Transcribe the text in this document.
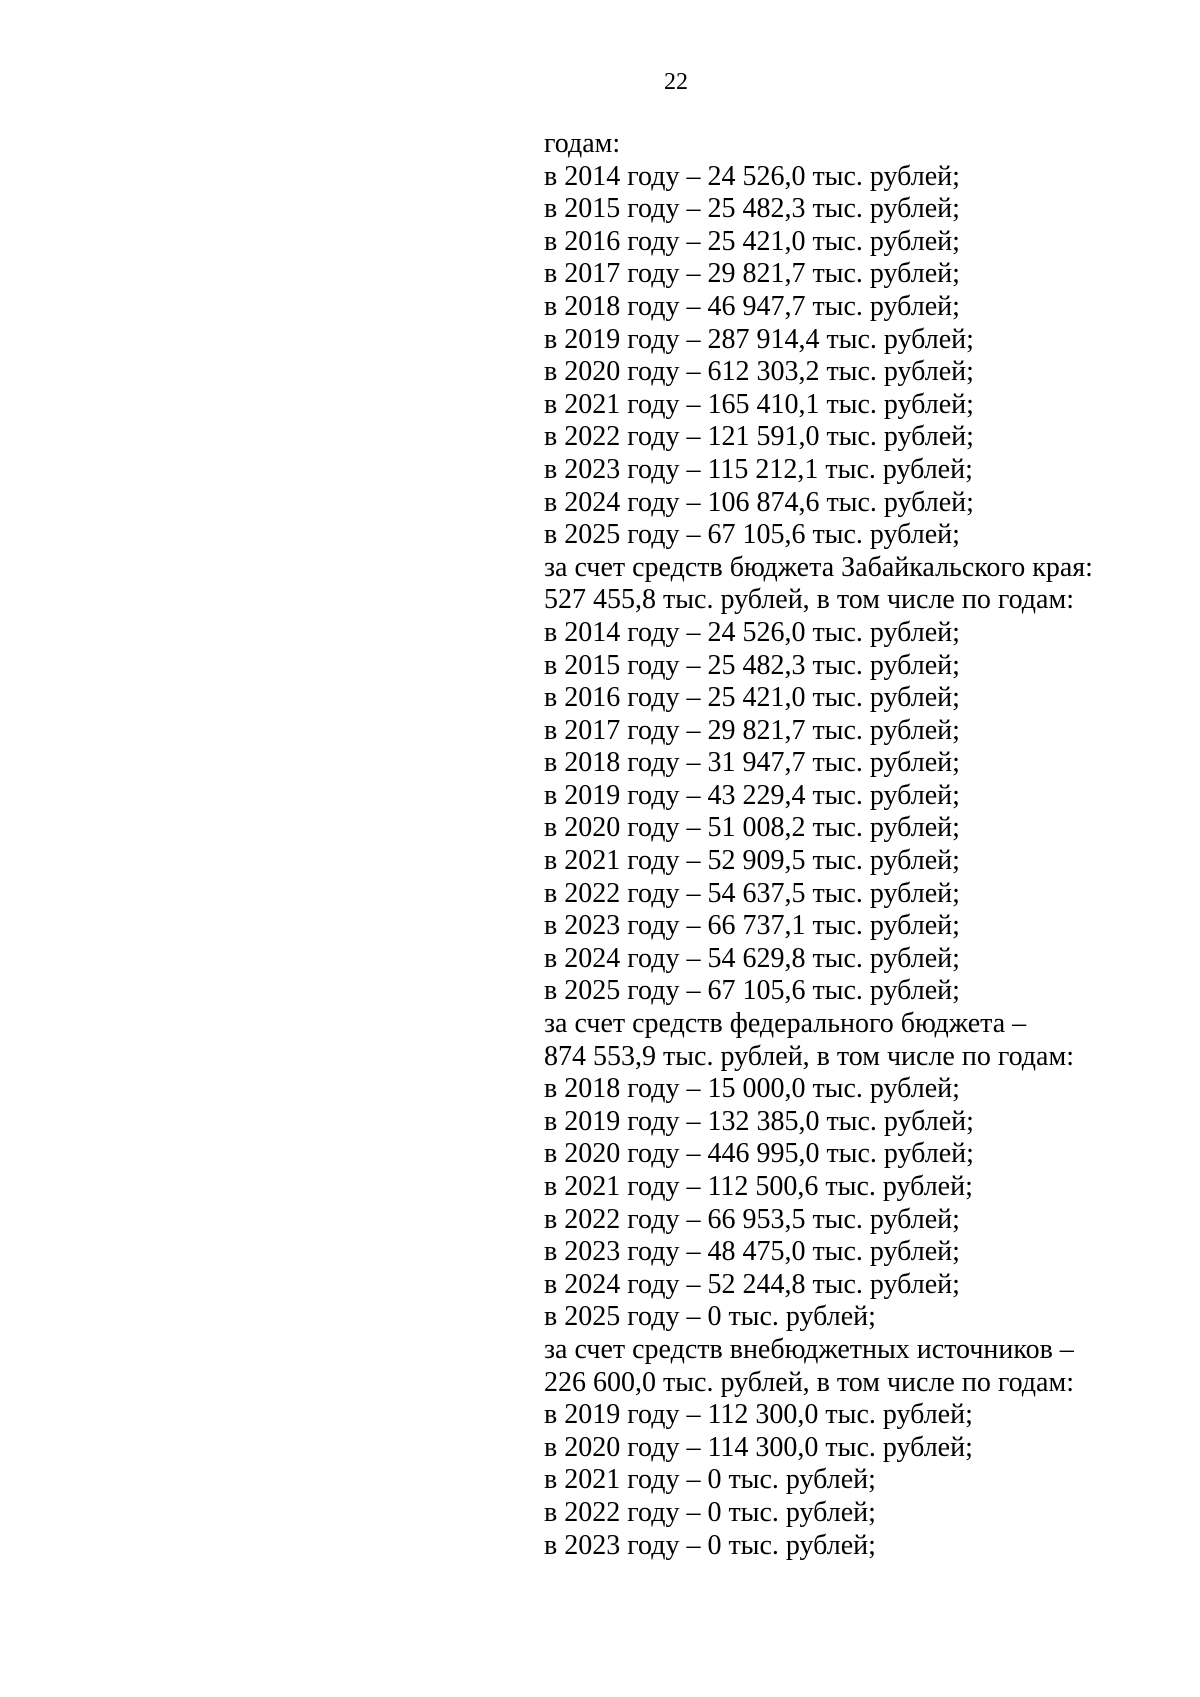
22
годам:
в 2014 году – 24 526,0 тыс. рублей;
в 2015 году – 25 482,3 тыс. рублей;
в 2016 году – 25 421,0 тыс. рублей;
в 2017 году – 29 821,7 тыс. рублей;
в 2018 году – 46 947,7 тыс. рублей;
в 2019 году – 287 914,4 тыс. рублей;
в 2020 году – 612 303,2 тыс. рублей;
в 2021 году – 165 410,1 тыс. рублей;
в 2022 году – 121 591,0 тыс. рублей;
в 2023 году – 115 212,1 тыс. рублей;
в 2024 году – 106 874,6 тыс. рублей;
в 2025 году – 67 105,6 тыс. рублей;
за счет средств бюджета Забайкальского края:
527 455,8 тыс. рублей, в том числе по годам:
в 2014 году – 24 526,0 тыс. рублей;
в 2015 году – 25 482,3 тыс. рублей;
в 2016 году – 25 421,0 тыс. рублей;
в 2017 году – 29 821,7 тыс. рублей;
в 2018 году – 31 947,7 тыс. рублей;
в 2019 году – 43 229,4 тыс. рублей;
в 2020 году – 51 008,2 тыс. рублей;
в 2021 году – 52 909,5 тыс. рублей;
в 2022 году – 54 637,5 тыс. рублей;
в 2023 году – 66 737,1 тыс. рублей;
в 2024 году – 54 629,8 тыс. рублей;
в 2025 году – 67 105,6 тыс. рублей;
за счет средств федерального бюджета –
874 553,9 тыс. рублей, в том числе по годам:
в 2018 году – 15 000,0 тыс. рублей;
в 2019 году – 132 385,0 тыс. рублей;
в 2020 году – 446 995,0 тыс. рублей;
в 2021 году – 112 500,6 тыс. рублей;
в 2022 году – 66 953,5 тыс. рублей;
в 2023 году – 48 475,0 тыс. рублей;
в 2024 году – 52 244,8 тыс. рублей;
в 2025 году – 0 тыс. рублей;
за счет средств внебюджетных источников –
226 600,0 тыс. рублей, в том числе по годам:
в 2019 году – 112 300,0 тыс. рублей;
в 2020 году – 114 300,0 тыс. рублей;
в 2021 году – 0 тыс. рублей;
в 2022 году – 0 тыс. рублей;
в 2023 году – 0 тыс. рублей;
